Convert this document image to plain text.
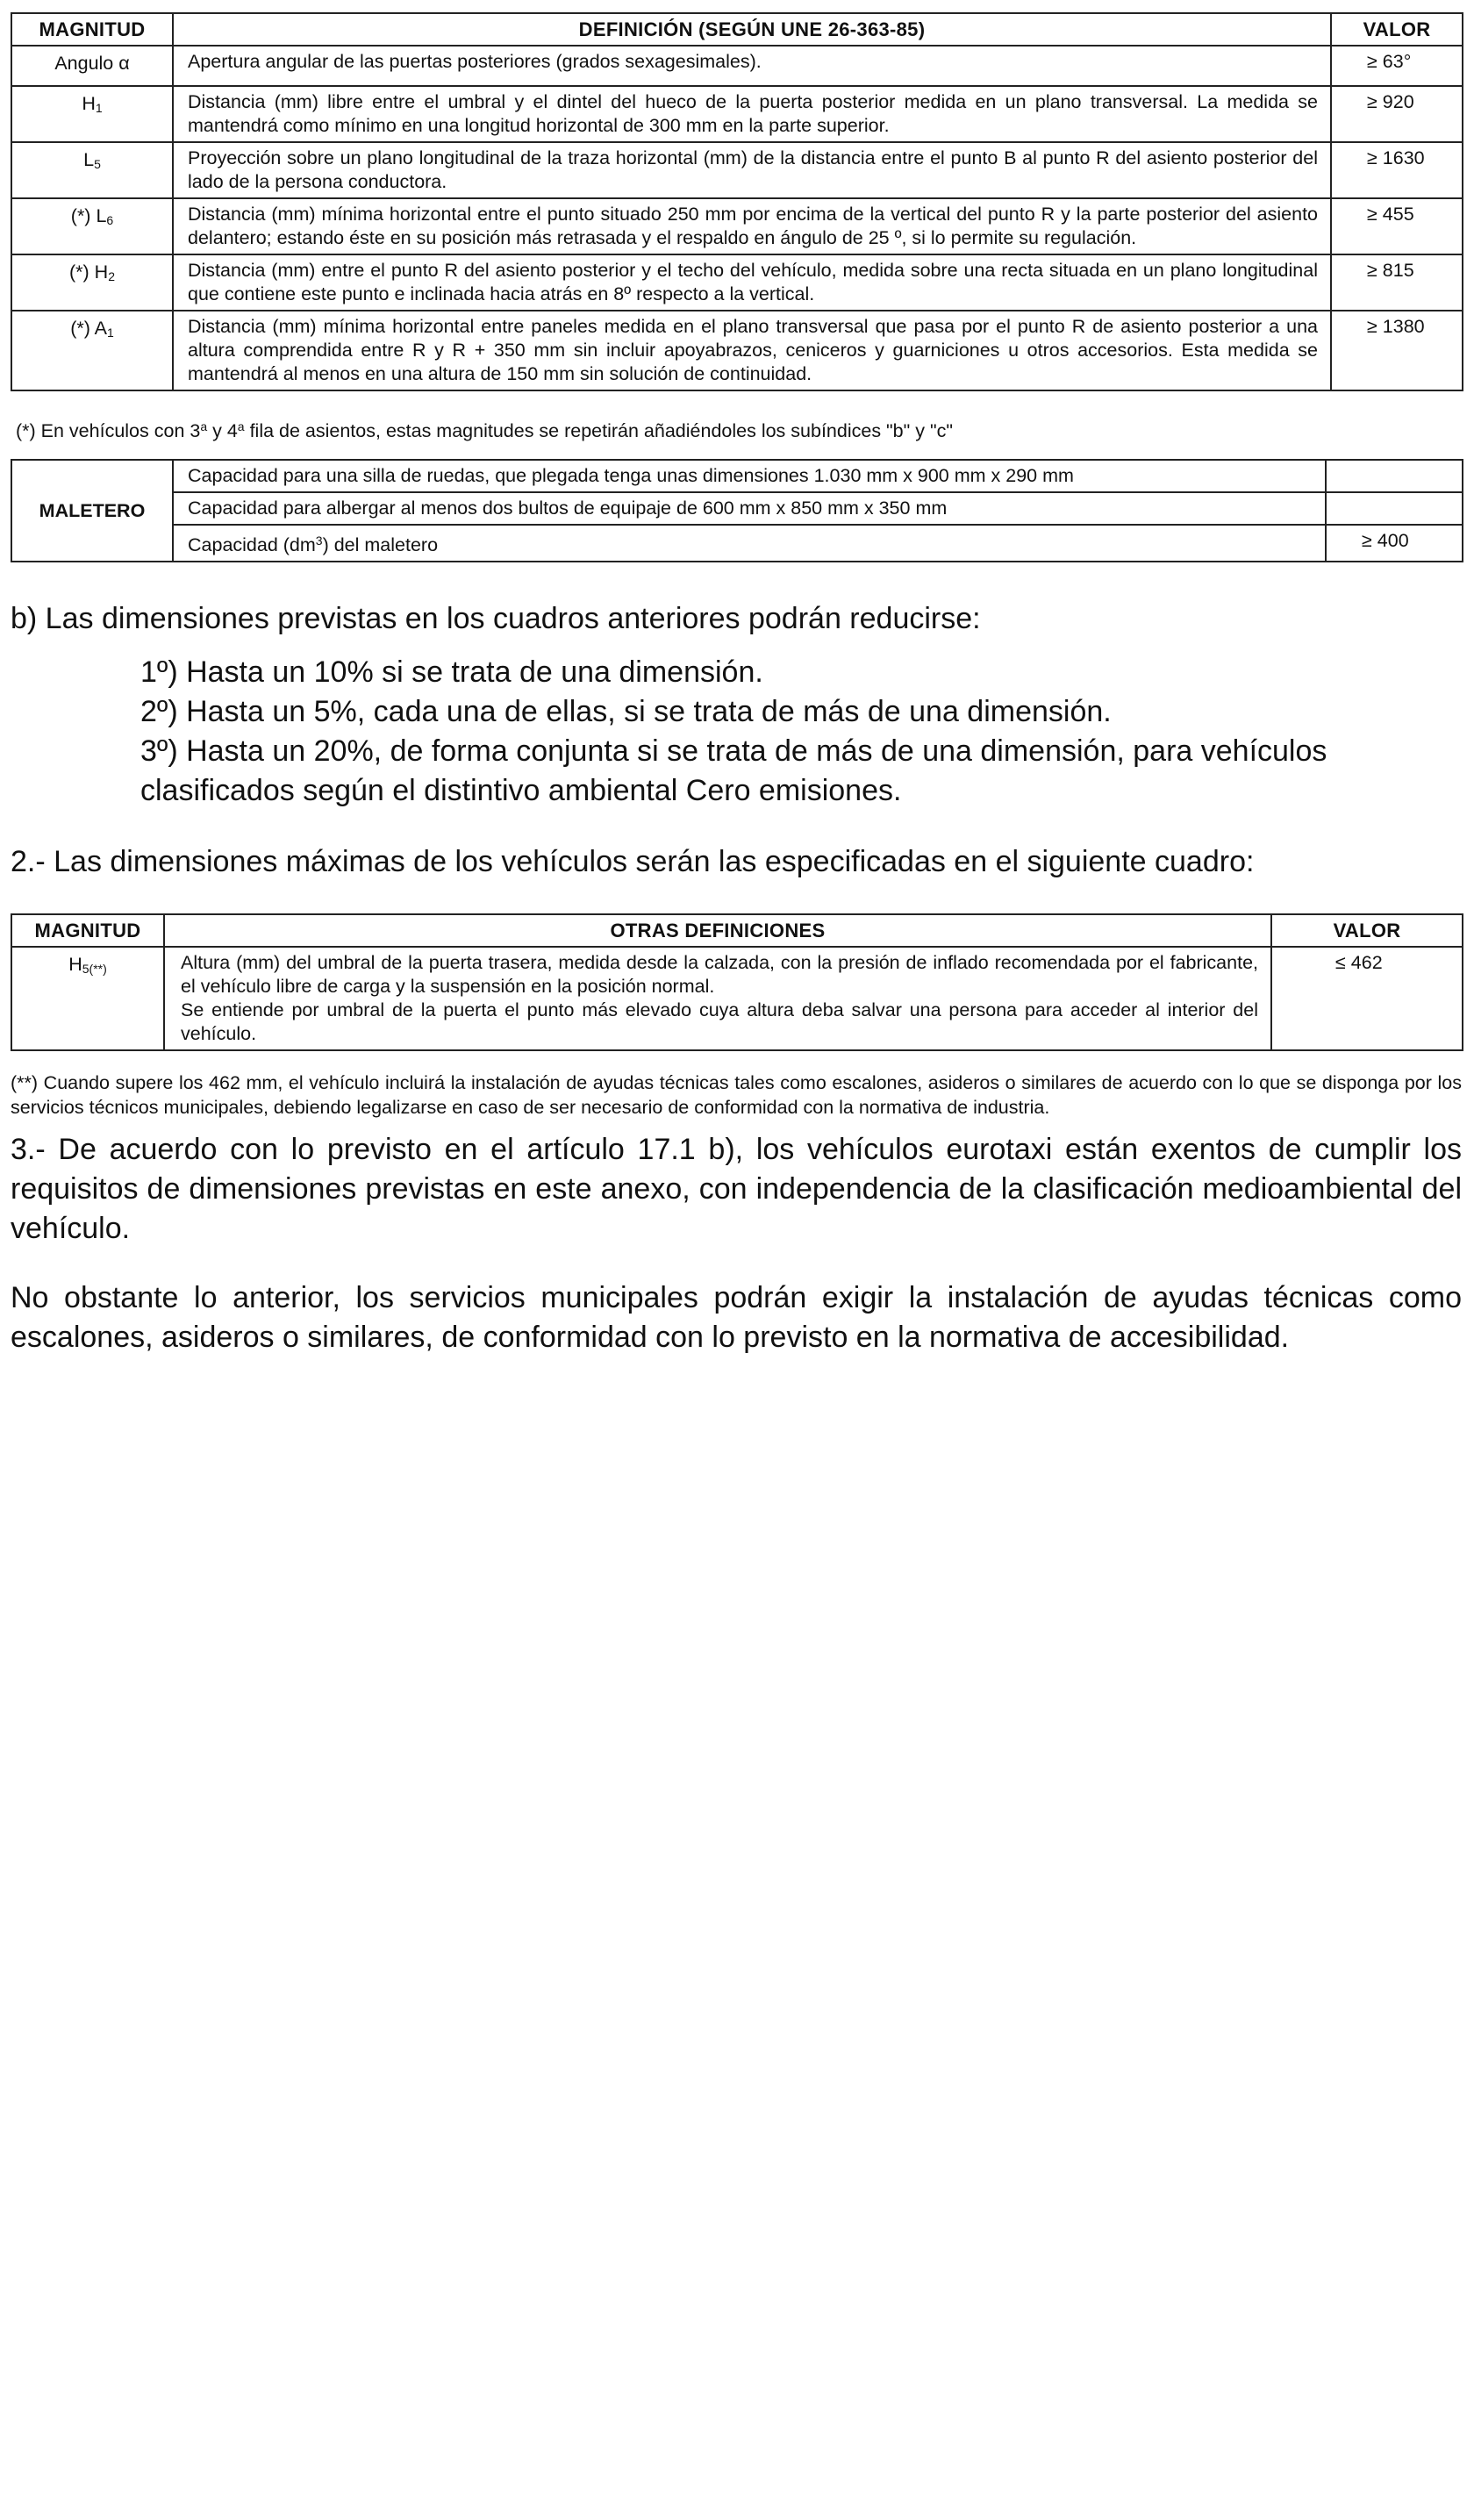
MAGNITUD	DEFINICIÓN (SEGÚN UNE 26-363-85)	VALOR
Angulo α	Apertura angular de las puertas posteriores (grados sexagesimales).	≥ 63°
$H_1$	Distancia (mm) libre entre el umbral y el dintel del hueco de la puerta posterior medida en un plano transversal. La medida se mantendrá como mínimo en una longitud horizontal de 300 mm en la parte superior.	≥ 920
$L_5$	Proyección sobre un plano longitudinal de la traza horizontal (mm) de la distancia entre el punto B al punto R del asiento posterior del lado de la persona conductora.	≥ 1630
(*) $L_6$	Distancia (mm) mínima horizontal entre el punto situado 250 mm por encima de la vertical del punto R y la parte posterior del asiento delantero; estando éste en su posición más retrasada y el respaldo en ángulo de 25 º, si lo permite su regulación.	≥ 455
(*) $H_2$	Distancia (mm) entre el punto R del asiento posterior y el techo del vehículo, medida sobre una recta situada en un plano longitudinal que contiene este punto e inclinada hacia atrás en 8º respecto a la vertical.	≥ 815
(*) $A_1$	Distancia (mm) mínima horizontal entre paneles medida en el plano transversal que pasa por el punto R de asiento posterior a una altura comprendida entre R y R + 350 mm sin incluir apoyabrazos, ceniceros y guarniciones u otros accesorios. Esta medida se mantendrá al menos en una altura de 150 mm sin solución de continuidad.	≥ 1380
(*) En vehículos con 3$^a$ y 4$^a$ fila de asientos, estas magnitudes se repetirán añadiéndoles los subíndices "b" y "c"
MALETERO	Capacidad para una silla de ruedas, que plegada tenga unas dimensiones 1.030 mm x 900 mm x 290 mm	
	Capacidad para albergar al menos dos bultos de equipaje de 600 mm x 850 mm x 350 mm	
	Capacidad $(dm^3)$ del maletero	≥ 400
b) Las dimensiones previstas en los cuadros anteriores podrán reducirse:
1º) Hasta un 10% si se trata de una dimensión.
2º) Hasta un 5%, cada una de ellas, si se trata de más de una dimensión.
3º) Hasta un 20%, de forma conjunta si se trata de más de una dimensión, para vehículos clasificados según el distintivo ambiental Cero emisiones.
2.- Las dimensiones máximas de los vehículos serán las especificadas en el siguiente cuadro:
MAGNITUD	OTRAS DEFINICIONES	VALOR
$H_{5(**)}$	Altura (mm) del umbral de la puerta trasera, medida desde la calzada, con la presión de inflado recomendada por el fabricante, el vehículo libre de carga y la suspensión en la posición normal.
Se entiende por umbral de la puerta el punto más elevado cuya altura deba salvar una persona para acceder al interior del vehículo.	≤ 462
(**) Cuando supere los 462 mm, el vehículo incluirá la instalación de ayudas técnicas tales como escalones, asideros o similares de acuerdo con lo que se disponga por los servicios técnicos municipales, debiendo legalizarse en caso de ser necesario de conformidad con la normativa de industria.
3.- De acuerdo con lo previsto en el artículo 17.1 b), los vehículos eurotaxi están exentos de cumplir los requisitos de dimensiones previstas en este anexo, con independencia de la clasificación medioambiental del vehículo.
No obstante lo anterior, los servicios municipales podrán exigir la instalación de ayudas técnicas como escalones, asideros o similares, de conformidad con lo previsto en la normativa de accesibilidad.
